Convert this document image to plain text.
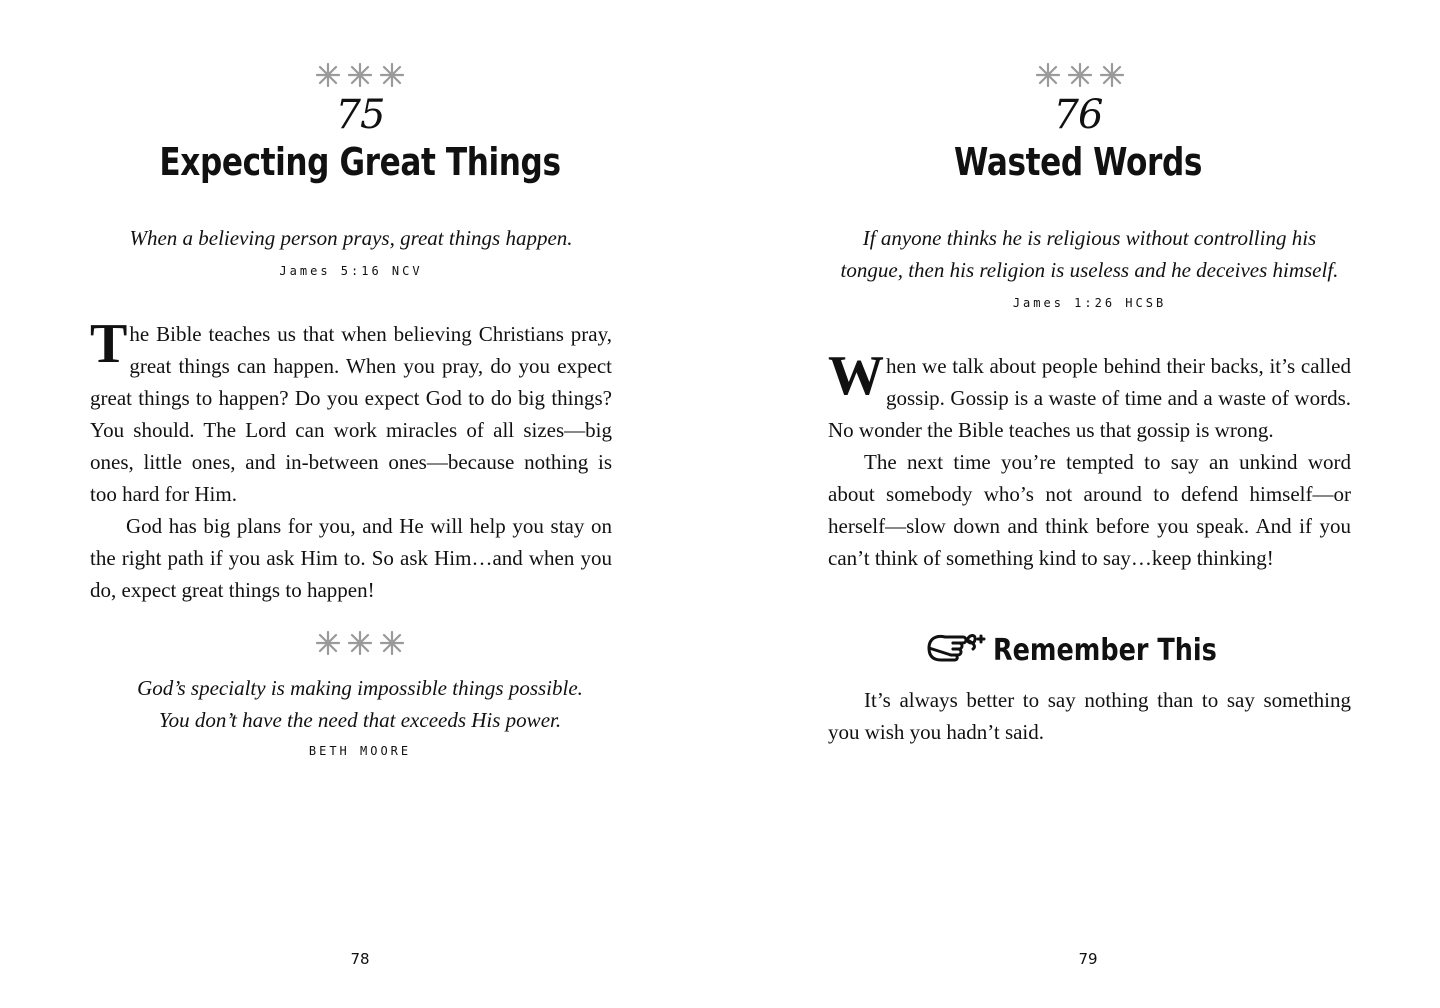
75
Expecting Great Things
When a believing person prays, great things happen.
James 5:16 NCV

The Bible teaches us that when believing Christians pray, great things can happen. When you pray, do you expect great things to happen? Do you expect God to do big things? You should. The Lord can work miracles of all sizes—big ones, little ones, and in-between ones—because nothing is too hard for Him.

God has big plans for you, and He will help you stay on the right path if you ask Him to. So ask Him…and when you do, expect great things to happen!

God’s specialty is making impossible things possible.
You don’t have the need that exceeds His power.
BETH MOORE
78
76
Wasted Words
If anyone thinks he is religious without controlling his
tongue, then his religion is useless and he deceives himself.
James 1:26 HCSB

When we talk about people behind their backs, it’s called gossip. Gossip is a waste of time and a waste of words. No wonder the Bible teaches us that gossip is wrong.

The next time you’re tempted to say an unkind word about somebody who’s not around to defend himself—or herself—slow down and think before you speak. And if you can’t think of something kind to say…keep thinking!

Remember This
It’s always better to say nothing than to say something you wish you hadn’t said.
79
